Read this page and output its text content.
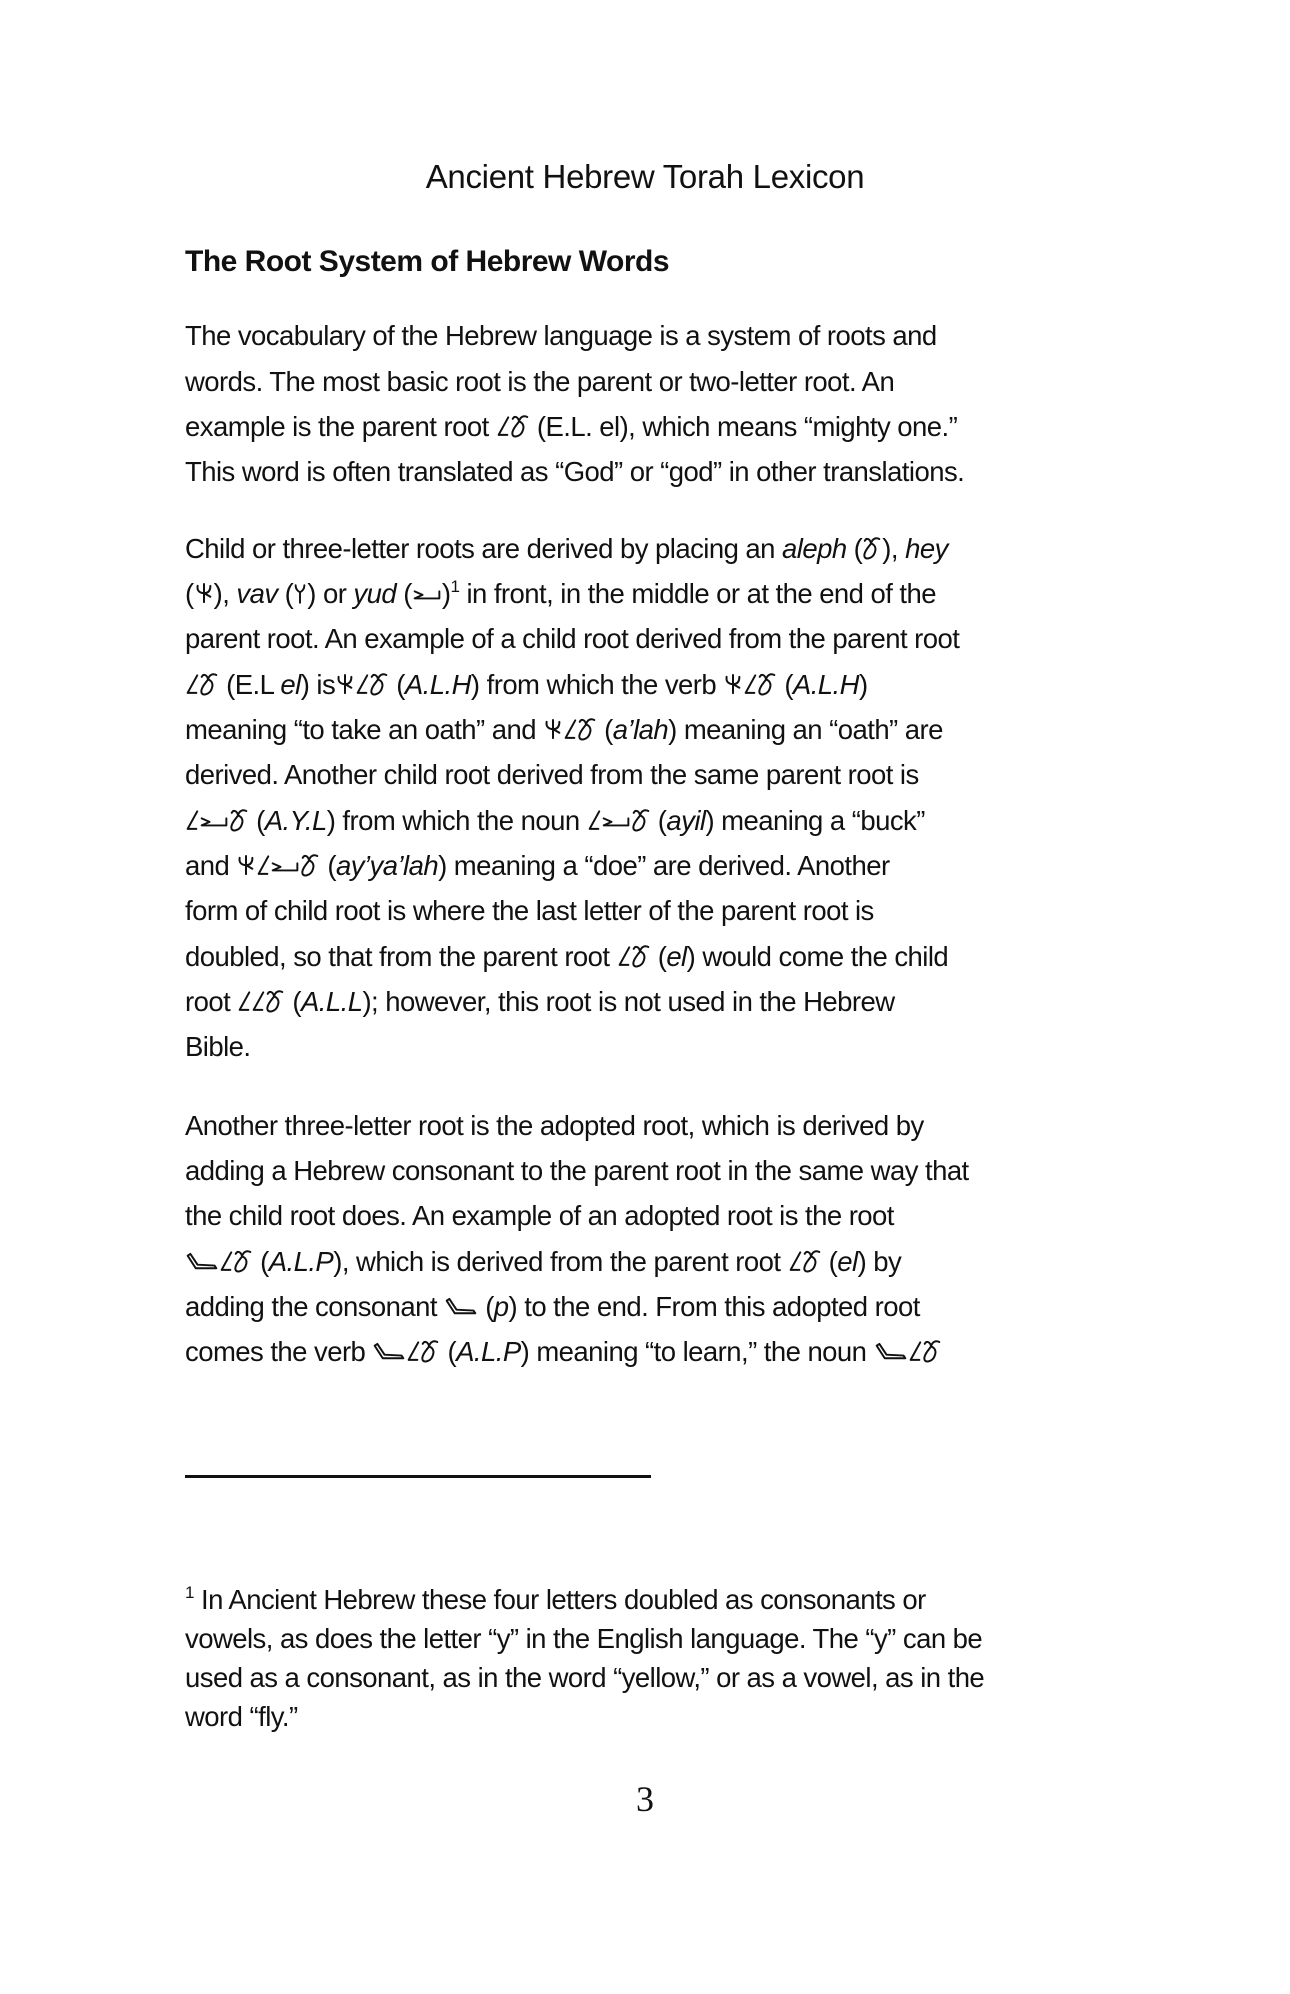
Ancient Hebrew Torah Lexicon
The Root System of Hebrew Words
The vocabulary of the Hebrew language is a system of roots and
words. The most basic root is the parent or two-letter root. An
example is the parent root (E.L. el), which means “mighty one.”
This word is often translated as “God” or “god” in other translations.
Child or three-letter roots are derived by placing an aleph ( ), hey
( ), vav ( ) or yud ( )$^1$ in front, in the middle or at the end of the
parent root. An example of a child root derived from the parent root
(E.L el) is (A.L.H) from which the verb (A.L.H)
meaning “to take an oath” and (a’lah) meaning an “oath” are
derived. Another child root derived from the same parent root is
(A.Y.L) from which the noun	(ayil) meaning a “buck”
and	(ay’ya’lah) meaning a “doe” are derived. Another
form of child root is where the last letter of the parent root is
doubled, so that from the parent root (el) would come the child
root (A.L.L); however, this root is not used in the Hebrew
Bible.
Another three-letter root is the adopted root, which is derived by
adding a Hebrew consonant to the parent root in the same way that
the child root does. An example of an adopted root is the root
(A.L.P), which is derived from the parent root (el) by
adding the consonant (p) to the end. From this adopted root
comes the verb	(A.L.P) meaning “to learn,” the noun
$^1$ In Ancient Hebrew these four letters doubled as consonants or
vowels, as does the letter “y” in the English language. The “y” can be
used as a consonant, as in the word “yellow,” or as a vowel, as in the
word “fly.”
3
